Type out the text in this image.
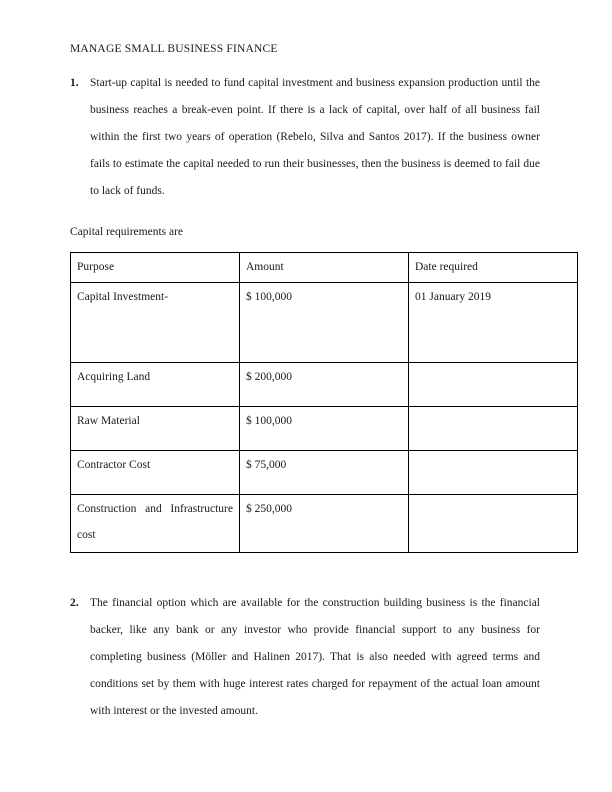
MANAGE SMALL BUSINESS FINANCE
1. Start-up capital is needed to fund capital investment and business expansion production until the business reaches a break-even point. If there is a lack of capital, over half of all business fail within the first two years of operation (Rebelo, Silva and Santos 2017). If the business owner fails to estimate the capital needed to run their businesses, then the business is deemed to fail due to lack of funds.
Capital requirements are
Purpose	Amount	Date required
Capital Investment-	$ 100,000	01 January 2019
Acquiring Land	$ 200,000	
Raw Material	$ 100,000	
Contractor Cost	$ 75,000	
Construction and Infrastructure cost	$ 250,000	
2. The financial option which are available for the construction building business is the financial backer, like any bank or any investor who provide financial support to any business for completing business (Möller and Halinen 2017). That is also needed with agreed terms and conditions set by them with huge interest rates charged for repayment of the actual loan amount with interest or the invested amount.
